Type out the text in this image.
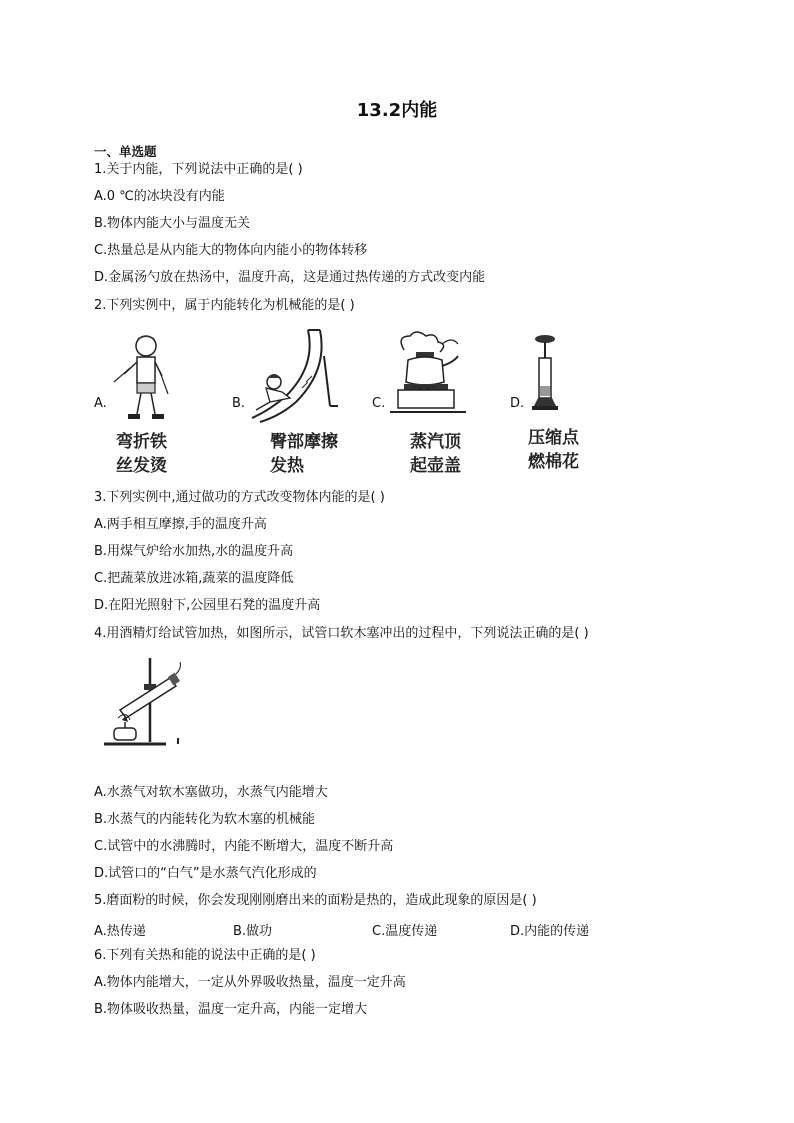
13.2内能
一、单选题
1.关于内能，下列说法中正确的是( )
A.0 ℃的冰块没有内能
B.物体内能大小与温度无关
C.热量总是从内能大的物体向内能小的物体转移
D.金属汤勺放在热汤中，温度升高，这是通过热传递的方式改变内能
2.下列实例中，属于内能转化为机械能的是( )
A.
弯折铁
丝发烫
B.
臀部摩擦
发热
C.
蒸汽顶
起壶盖
D.
压缩点
燃棉花
3.下列实例中,通过做功的方式改变物体内能的是( )
A.两手相互摩擦,手的温度升高
B.用煤气炉给水加热,水的温度升高
C.把蔬菜放进冰箱,蔬菜的温度降低
D.在阳光照射下,公园里石凳的温度升高
4.用酒精灯给试管加热，如图所示，试管口软木塞冲出的过程中，下列说法正确的是( )
A.水蒸气对软木塞做功，水蒸气内能增大
B.水蒸气的内能转化为软木塞的机械能
C.试管中的水沸腾时，内能不断增大，温度不断升高
D.试管口的“白气”是水蒸气汽化形成的
5.磨面粉的时候，你会发现刚刚磨出来的面粉是热的，造成此现象的原因是( )
A.热传递	B.做功	C.温度传递	D.内能的传递
6.下列有关热和能的说法中正确的是( )
A.物体内能增大，一定从外界吸收热量，温度一定升高
B.物体吸收热量，温度一定升高，内能一定增大
